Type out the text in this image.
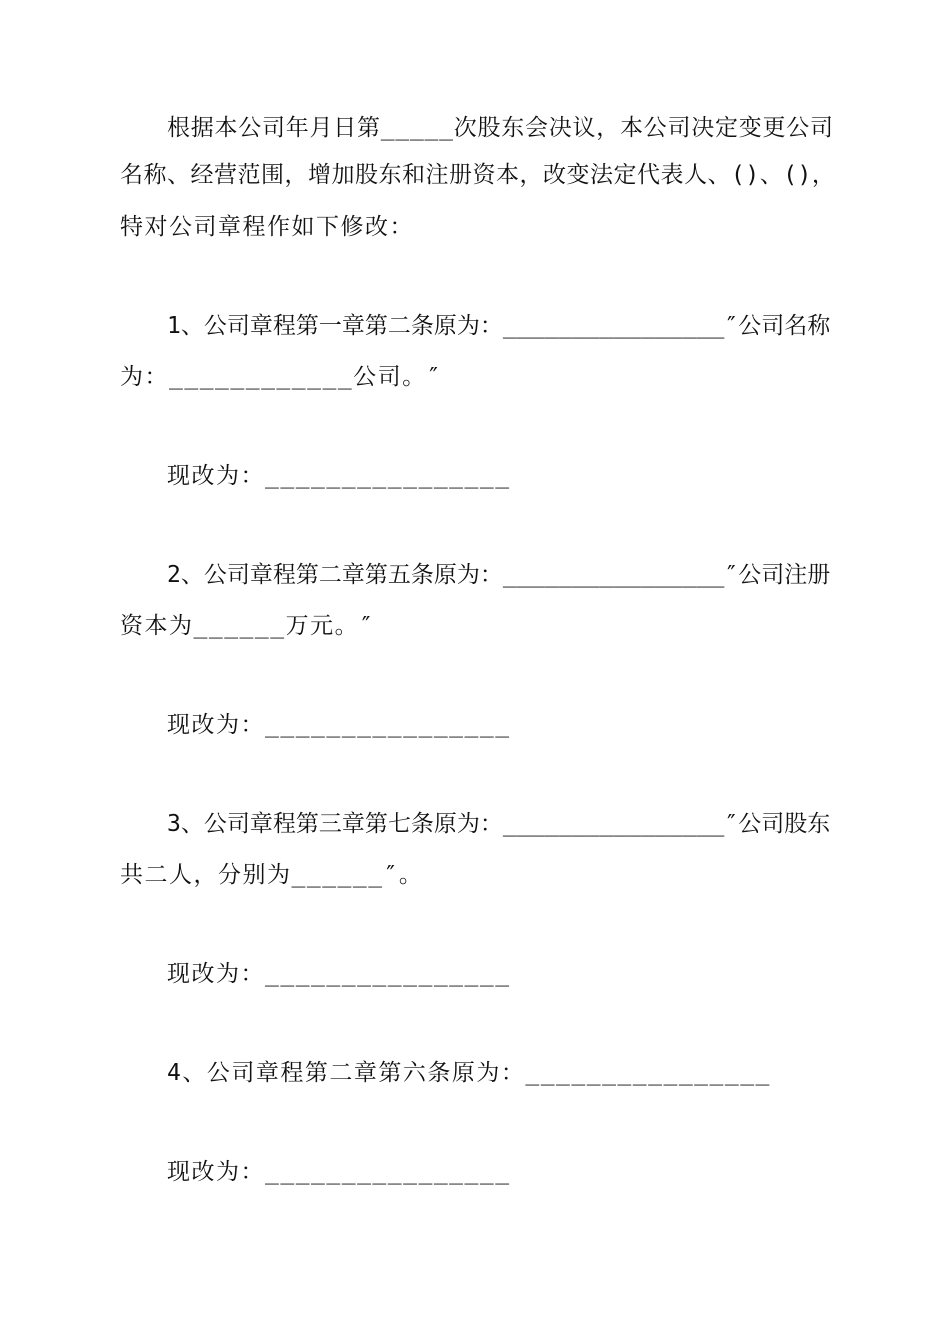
根据本公司年月日第_____次股东会决议，本公司决定变更公司
名称、经营范围，增加股东和注册资本，改变法定代表人、()、()，
特对公司章程作如下修改：
1、公司章程第一章第二条原为：________________″公司名称
为：____________公司。″
现改为：________________
2、公司章程第二章第五条原为：________________″公司注册
资本为______万元。″
现改为：________________
3、公司章程第三章第七条原为：________________″公司股东
共二人，分别为______″。
现改为：________________
4、公司章程第二章第六条原为：________________
现改为：________________
